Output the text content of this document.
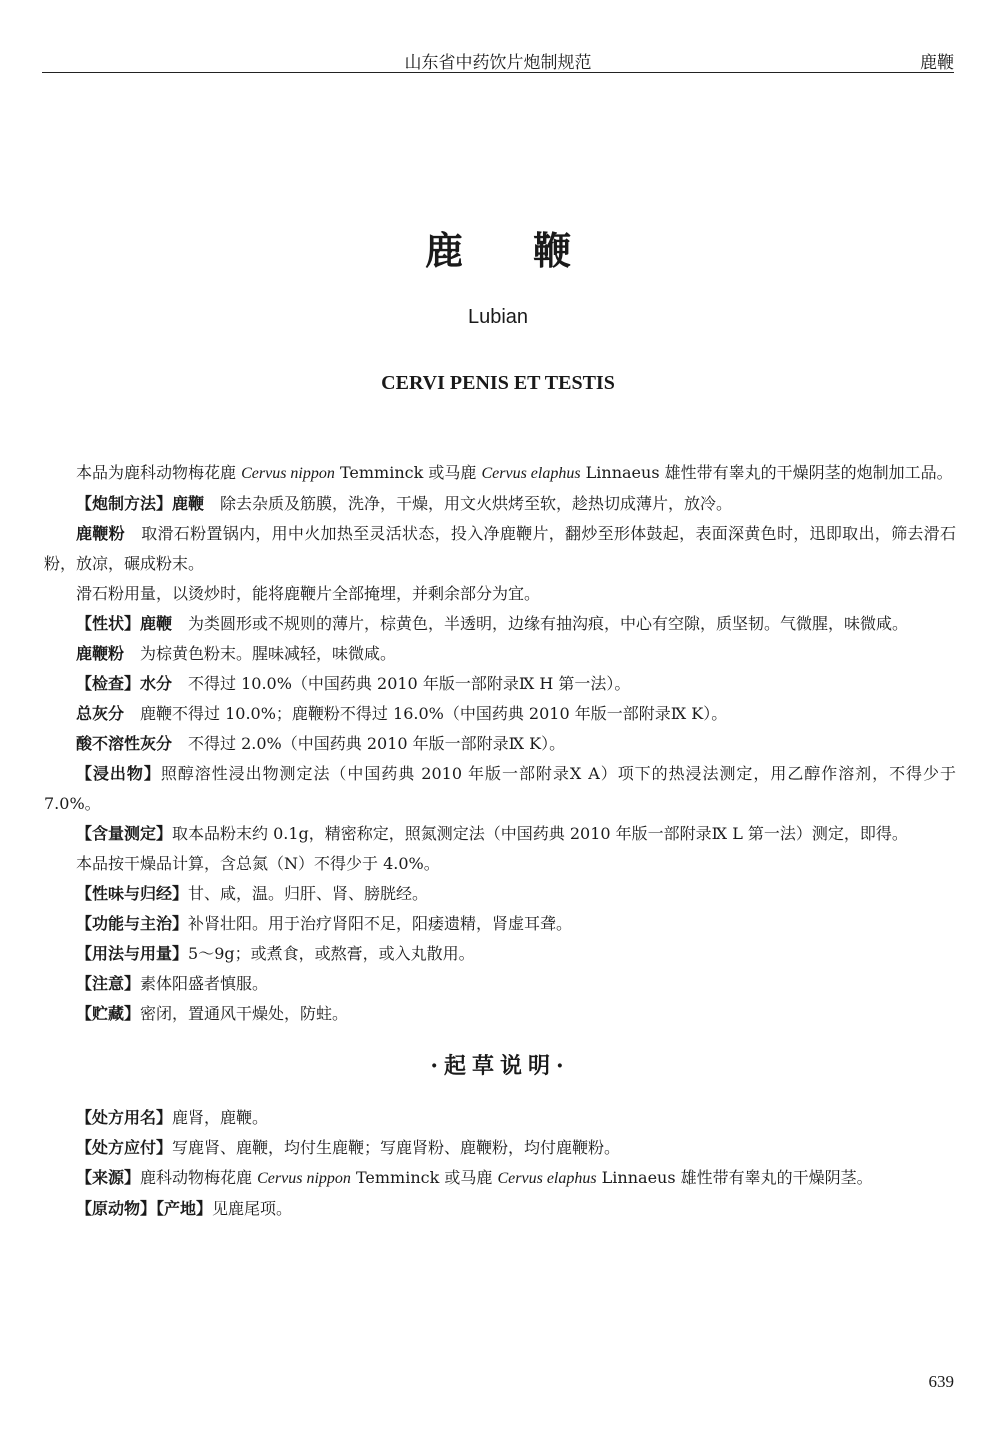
山东省中药饮片炮制规范	鹿鞭
鹿鞭
Lubian
CERVI PENIS ET TESTIS

本品为鹿科动物梅花鹿 Cervus nippon Temminck 或马鹿 Cervus elaphus Linnaeus 雄性带有睾丸的干燥阴茎的炮制加工品。

【炮制方法】鹿鞭　除去杂质及筋膜，洗净，干燥，用文火烘烤至软，趁热切成薄片，放冷。

鹿鞭粉　取滑石粉置锅内，用中火加热至灵活状态，投入净鹿鞭片，翻炒至形体鼓起，表面深黄色时，迅即取出，筛去滑石粉，放凉，碾成粉末。

滑石粉用量，以烫炒时，能将鹿鞭片全部掩埋，并剩余部分为宜。

【性状】鹿鞭　为类圆形或不规则的薄片，棕黄色，半透明，边缘有抽沟痕，中心有空隙，质坚韧。气微腥，味微咸。

鹿鞭粉　为棕黄色粉末。腥味减轻，味微咸。

【检查】水分　不得过 10.0%（中国药典 2010 年版一部附录Ⅸ H 第一法）。

总灰分　鹿鞭不得过 10.0%；鹿鞭粉不得过 16.0%（中国药典 2010 年版一部附录Ⅸ K）。

酸不溶性灰分　不得过 2.0%（中国药典 2010 年版一部附录Ⅸ K）。

【浸出物】照醇溶性浸出物测定法（中国药典 2010 年版一部附录Ⅹ A）项下的热浸法测定，用乙醇作溶剂，不得少于 7.0%。

【含量测定】取本品粉末约 0.1g，精密称定，照氮测定法（中国药典 2010 年版一部附录Ⅸ L 第一法）测定，即得。

本品按干燥品计算，含总氮（N）不得少于 4.0%。

【性味与归经】甘、咸，温。归肝、肾、膀胱经。

【功能与主治】补肾壮阳。用于治疗肾阳不足，阳痿遗精，肾虚耳聋。

【用法与用量】5～9g；或煮食，或熬膏，或入丸散用。

【注意】素体阳盛者慎服。

【贮藏】密闭，置通风干燥处，防蛀。

·起草说明·

【处方用名】鹿肾，鹿鞭。

【处方应付】写鹿肾、鹿鞭，均付生鹿鞭；写鹿肾粉、鹿鞭粉，均付鹿鞭粉。

【来源】鹿科动物梅花鹿 Cervus nippon Temminck 或马鹿 Cervus elaphus Linnaeus 雄性带有睾丸的干燥阴茎。

【原动物】【产地】见鹿尾项。

639
